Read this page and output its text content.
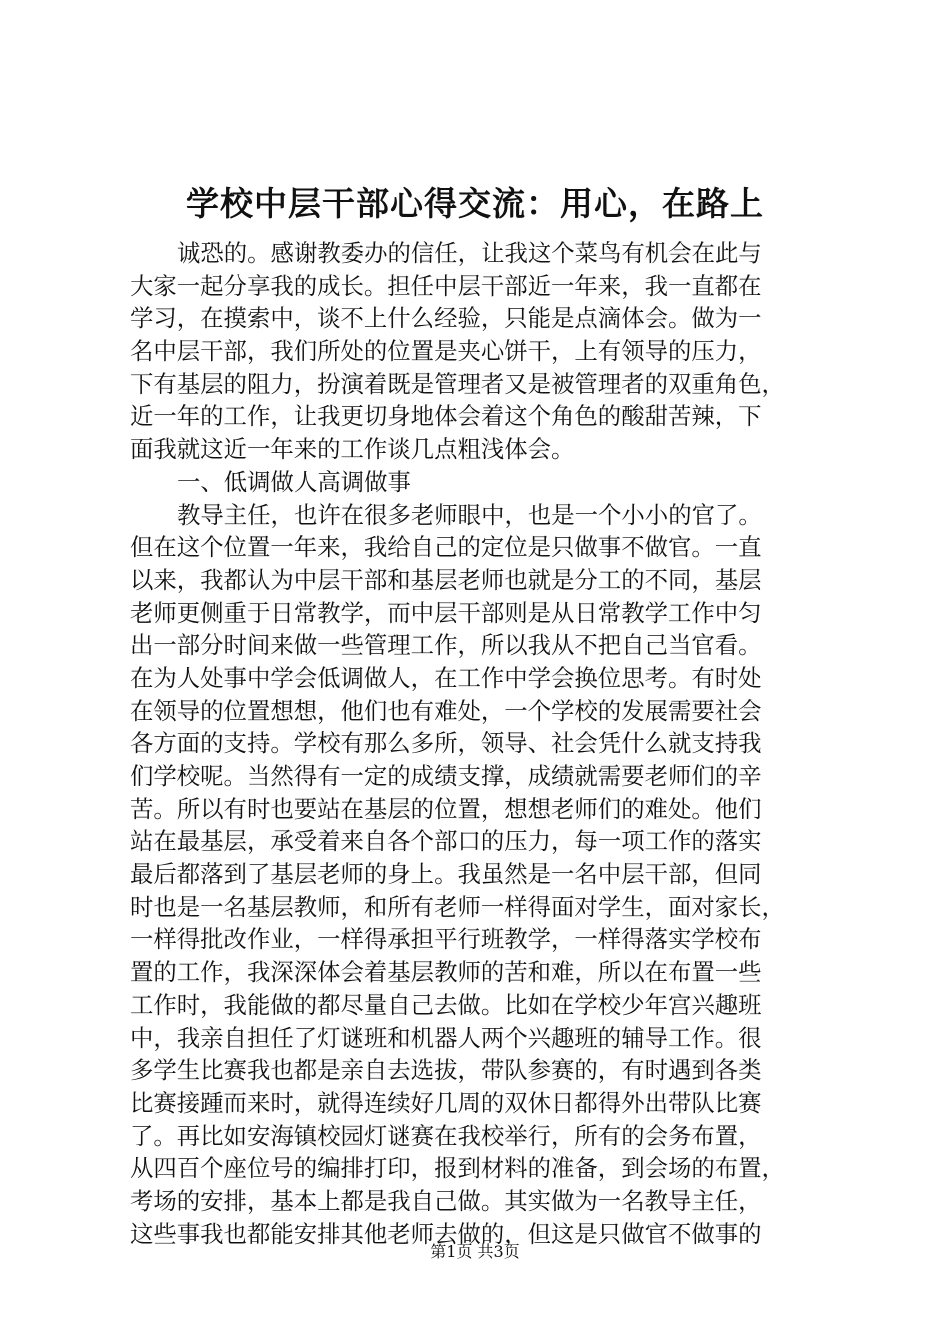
学校中层干部心得交流：用心，在路上
诚恐的。感谢教委办的信任，让我这个菜鸟有机会在此与
大家一起分享我的成长。担任中层干部近一年来，我一直都在
学习，在摸索中，谈不上什么经验，只能是点滴体会。做为一
名中层干部，我们所处的位置是夹心饼干，上有领导的压力，
下有基层的阻力，扮演着既是管理者又是被管理者的双重角色，
近一年的工作，让我更切身地体会着这个角色的酸甜苦辣，下
面我就这近一年来的工作谈几点粗浅体会。
一、低调做人高调做事
教导主任，也许在很多老师眼中，也是一个小小的官了。
但在这个位置一年来，我给自己的定位是只做事不做官。一直
以来，我都认为中层干部和基层老师也就是分工的不同，基层
老师更侧重于日常教学，而中层干部则是从日常教学工作中匀
出一部分时间来做一些管理工作，所以我从不把自己当官看。
在为人处事中学会低调做人，在工作中学会换位思考。有时处
在领导的位置想想，他们也有难处，一个学校的发展需要社会
各方面的支持。学校有那么多所，领导、社会凭什么就支持我
们学校呢。当然得有一定的成绩支撑，成绩就需要老师们的辛
苦。所以有时也要站在基层的位置，想想老师们的难处。他们
站在最基层，承受着来自各个部口的压力，每一项工作的落实
最后都落到了基层老师的身上。我虽然是一名中层干部，但同
时也是一名基层教师，和所有老师一样得面对学生，面对家长，
一样得批改作业，一样得承担平行班教学，一样得落实学校布
置的工作，我深深体会着基层教师的苦和难，所以在布置一些
工作时，我能做的都尽量自己去做。比如在学校少年宫兴趣班
中，我亲自担任了灯谜班和机器人两个兴趣班的辅导工作。很
多学生比赛我也都是亲自去选拔，带队参赛的，有时遇到各类
比赛接踵而来时，就得连续好几周的双休日都得外出带队比赛
了。再比如安海镇校园灯谜赛在我校举行，所有的会务布置，
从四百个座位号的编排打印，报到材料的准备，到会场的布置，
考场的安排，基本上都是我自己做。其实做为一名教导主任，
这些事我也都能安排其他老师去做的，但这是只做官不做事的
第1页 共3页
